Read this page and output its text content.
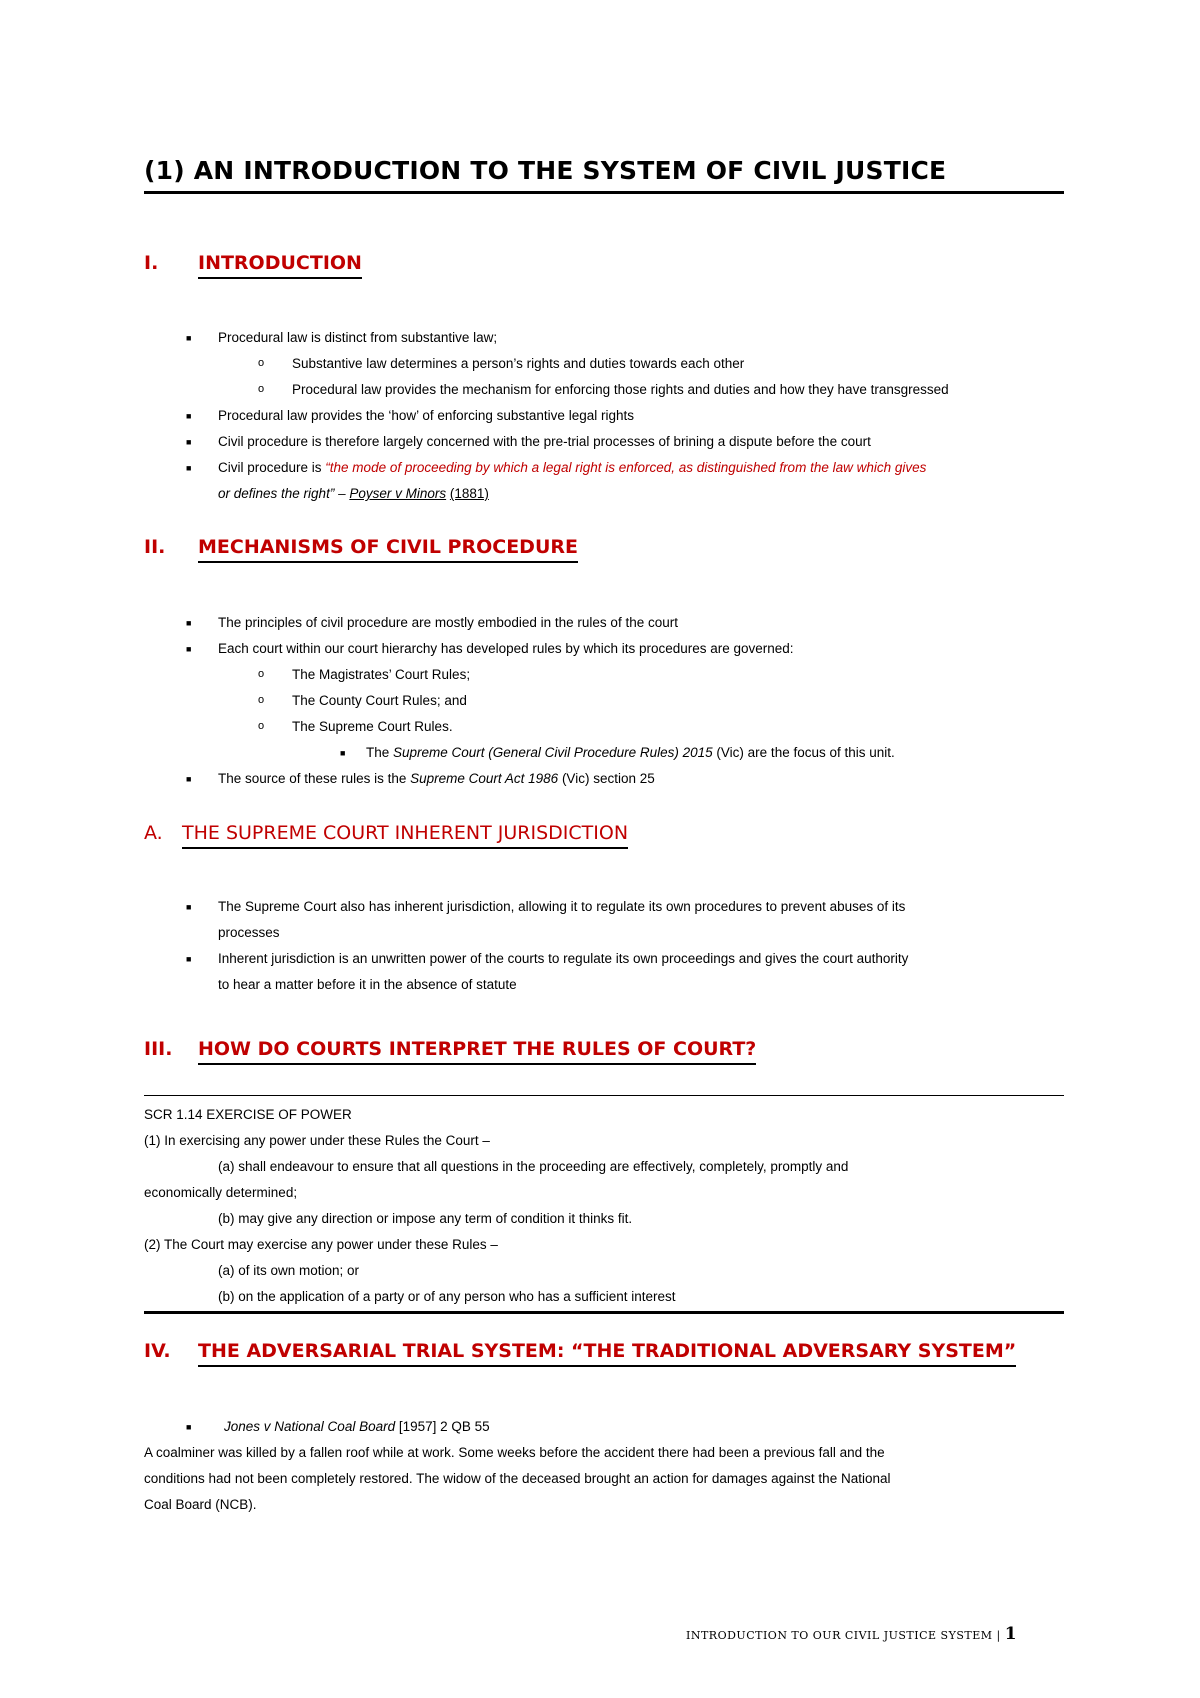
(1) AN INTRODUCTION TO THE SYSTEM OF CIVIL JUSTICE
I. INTRODUCTION
■ Procedural law is distinct from substantive law;
o Substantive law determines a person’s rights and duties towards each other
o Procedural law provides the mechanism for enforcing those rights and duties and how they have transgressed
■ Procedural law provides the ‘how’ of enforcing substantive legal rights
■ Civil procedure is therefore largely concerned with the pre-trial processes of brining a dispute before the court
■ Civil procedure is “the mode of proceeding by which a legal right is enforced, as distinguished from the law which gives
or defines the right” – Poyser v Minors (1881)
II. MECHANISMS OF CIVIL PROCEDURE
■ The principles of civil procedure are mostly embodied in the rules of the court
■ Each court within our court hierarchy has developed rules by which its procedures are governed:
o The Magistrates’ Court Rules;
o The County Court Rules; and
o The Supreme Court Rules.
■ The Supreme Court (General Civil Procedure Rules) 2015 (Vic) are the focus of this unit.
■ The source of these rules is the Supreme Court Act 1986 (Vic) section 25
A. THE SUPREME COURT INHERENT JURISDICTION
■ The Supreme Court also has inherent jurisdiction, allowing it to regulate its own procedures to prevent abuses of its
processes
■ Inherent jurisdiction is an unwritten power of the courts to regulate its own proceedings and gives the court authority
to hear a matter before it in the absence of statute
III. HOW DO COURTS INTERPRET THE RULES OF COURT?
SCR 1.14 EXERCISE OF POWER
(1) In exercising any power under these Rules the Court –
(a) shall endeavour to ensure that all questions in the proceeding are effectively, completely, promptly and
economically determined;
(b) may give any direction or impose any term of condition it thinks fit.
(2) The Court may exercise any power under these Rules –
(a) of its own motion; or
(b) on the application of a party or of any person who has a sufficient interest
IV. THE ADVERSARIAL TRIAL SYSTEM: “THE TRADITIONAL ADVERSARY SYSTEM”
■ Jones v National Coal Board [1957] 2 QB 55
A coalminer was killed by a fallen roof while at work. Some weeks before the accident there had been a previous fall and the
conditions had not been completely restored. The widow of the deceased brought an action for damages against the National
Coal Board (NCB).
INTRODUCTION TO OUR CIVIL JUSTICE SYSTEM | 1
